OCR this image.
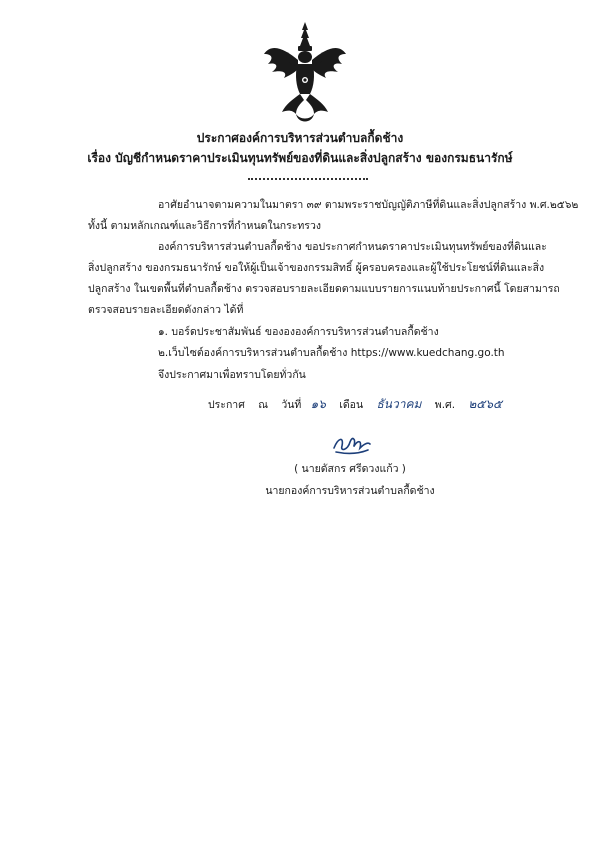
ประกาศองค์การบริหารส่วนตำบลกื้ดช้าง
เรื่อง บัญชีกำหนดราคาประเมินทุนทรัพย์ของที่ดินและสิ่งปลูกสร้าง ของกรมธนารักษ์
อาศัยอำนาจตามความในมาตรา ๓๙ ตามพระราชบัญญัติภาษีที่ดินและสิ่งปลูกสร้าง พ.ศ.๒๕๖๒
ทั้งนี้ ตามหลักเกณฑ์และวิธีการที่กำหนดในกระทรวง
องค์การบริหารส่วนตำบลกื้ดช้าง ขอประกาศกำหนดราคาประเมินทุนทรัพย์ของที่ดินและ
สิ่งปลูกสร้าง ของกรมธนารักษ์ ขอให้ผู้เป็นเจ้าของกรรมสิทธิ์ ผู้ครอบครองและผู้ใช้ประโยชน์ที่ดินและสิ่ง
ปลูกสร้าง ในเขตพื้นที่ตำบลกื้ดช้าง ตรวจสอบรายละเอียดตามแบบรายการแนบท้ายประกาศนี้ โดยสามารถ
ตรวจสอบรายละเอียดดังกล่าว ได้ที่
๑. บอร์ดประชาสัมพันธ์ ของององค์การบริหารส่วนตำบลกื้ดช้าง
๒.เว็บไซต์องค์การบริหารส่วนตำบลกื้ดช้าง https://www.kuedchang.go.th
จึงประกาศมาเพื่อทราบโดยทั่วกัน
ประกาศ ณ วันที่ ๑๖ เดือน ธันวาคม พ.ศ. ๒๕๖๕
( นายดัสกร ศรีดวงแก้ว )
นายกองค์การบริหารส่วนตำบลกื้ดช้าง
